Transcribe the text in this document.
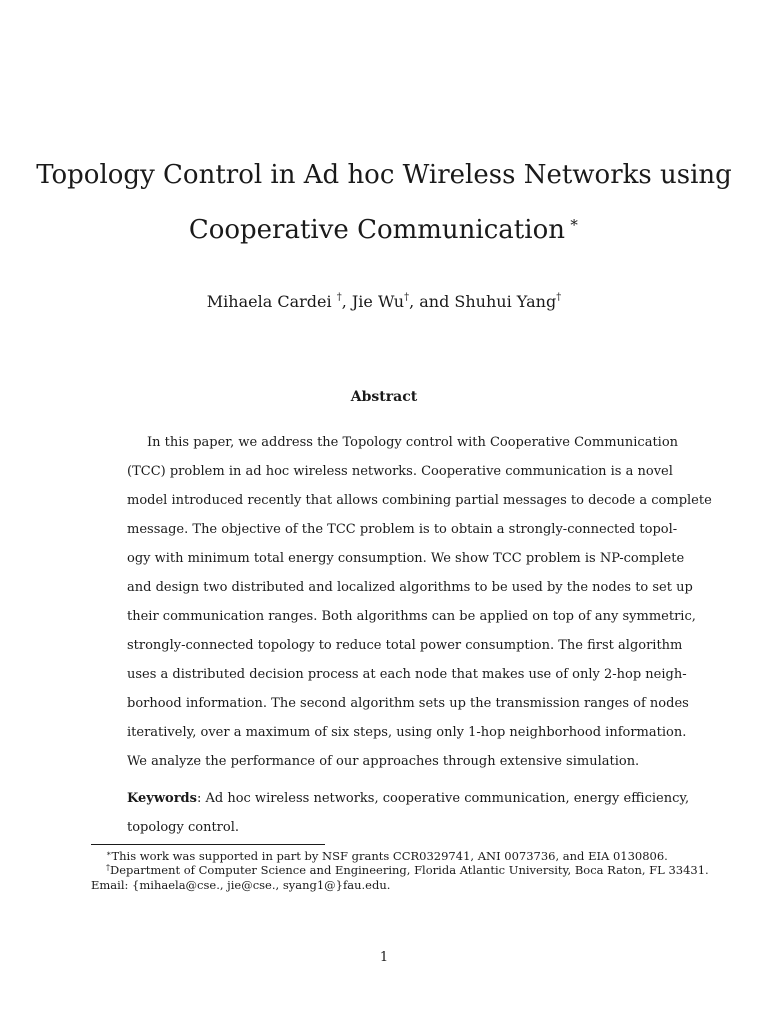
Topology Control in Ad hoc Wireless Networks using
Cooperative Communication ∗
Mihaela Cardei †, Jie Wu†, and Shuhui Yang†
Abstract
In this paper, we address the Topology control with Cooperative Communication
(TCC) problem in ad hoc wireless networks. Cooperative communication is a novel
model introduced recently that allows combining partial messages to decode a complete
message. The objective of the TCC problem is to obtain a strongly-connected topol-
ogy with minimum total energy consumption. We show TCC problem is NP-complete
and design two distributed and localized algorithms to be used by the nodes to set up
their communication ranges. Both algorithms can be applied on top of any symmetric,
strongly-connected topology to reduce total power consumption. The first algorithm
uses a distributed decision process at each node that makes use of only 2-hop neigh-
borhood information. The second algorithm sets up the transmission ranges of nodes
iteratively, over a maximum of six steps, using only 1-hop neighborhood information.
We analyze the performance of our approaches through extensive simulation.
Keywords: Ad hoc wireless networks, cooperative communication, energy efficiency,
topology control.
∗This work was supported in part by NSF grants CCR0329741, ANI 0073736, and EIA 0130806.
†Department of Computer Science and Engineering, Florida Atlantic University, Boca Raton, FL 33431.
Email: {mihaela@cse., jie@cse., syang1@}fau.edu.
1
